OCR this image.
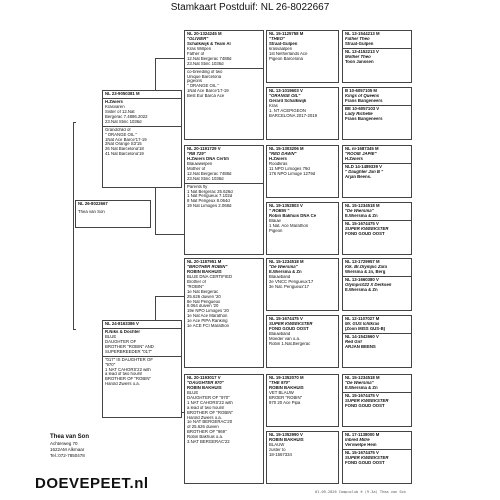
Stamkaart Postduif: NL 26-8022667
NL 26-8022667
Thea van Son
NL 23-9050381 M
H.Zwiers
Krasvaren
Sister of 12.Nat
Bergerac 7.4886.2022
23.Nat Stinc 1036d
Grandchild of
" ORANGE OIL "
1Nat Ace Barce'17-19
2Nat Orange S3'15
26 Nat Barcelona'18
41 Nat Barcelona'19
NL 24-8163386 V
R.Niks & Dochter
BLUE
DAUGHTER OF
BROTHER "ROBIN" AND
SUPERBREEDER "017"
"017" IS DAUGHTER OF
"970"
1 NAT CAHORS'22 with
a lead of two hours!
BROTHER OF "ROBIN"
Harold Zwiers o.a.
NL 20-1324245 M
"OLIVIER"
Schalkwijk & Team Al
Kras Willpen
Father of
12.Nat Bergerac 7488d
23.Nat Stinc 1036d
co-breeding of two
Unique Barcelona
pigeons
" ORANGE OIL "
1Nat Ace Barce'17-19
Best Eur Barca Ace
NL 20-1191729 V
"RB 729"
H.Zwiers DNA Certifi
Blauwwelpen
Mother of
12.Nat Bergerac 7488d
23.Nat Stinc 1036d
Parents fly
1 Nat Bergerac 25.626d
1 Nat Perigueux 7.102d
8 Nat Perigeux 8.064d
19 Nat Limoges 2.068d
NL 20-1187951 M
"BROTHER ROBIN"
ROBIN BAKHUIS
BLUE DNA CERTIFIED
Brother of
"ROBIN"
1e Nat Bergerac
25.626 duiven '20
8e Nat Perigueux
8.064 duiven '20
19e NPO Limoges '20
1e Nat Ace Marathon
1e Ace PIPA Ranking
1e ACE FCI Marathon
NL 20-1193017 V
"DAUGHTER 970"
ROBIN BAKHUIS
BLUE
DAUGHTER OF "970"
1 NAT CAHORS'22 with
a lead of two hours!
BROTHER OF "ROBIN"
Harold Zwiers o.a.
1e NAT BERGERAC'20
of 25.626 duiven
BROTHER OF "969"
Robin Bakhuis o.a.
3.NAT BERGERAC'22
NL 15-1125758 M
"THEO"
Straat-Gulpen
krasvaalpen
1st Netherlands Ace
Pigeon Barcelona
NL 13-1019603 V
"ORANGE OIL"
Gerard Schalkwijk
Kras
1. NT ACEPIGEON
BARCELONA 2017-2019
NL 15-1303206 M
"RED DAWN"
H.Zwiers
Roodkras
11 NPO Limoges 79d
176 NPO Limoge 1279d
NL 19-1352803 V
" ROBIN "
Robin Bakhuis DNA Ce
Blauw
1 Nat. Ace Marathon
Pigeon
NL 15-1234518 M
"De Wiersma"
E.Wiersma & Zn
Blauwband
2e VNCC Perigueux'17
3e Nat. Perigueux'17
NL 15-1674475 V
SUPER KWEEKSTER
FOND GOUD OOST
Blauwband
Moeder van o.a.
Robin 1.Nat.Bergerac
NL 19-1352070 M
"THE 970"
ROBIN BAKHUIS
VET BLAUW
BROER "ROBIN"
970 20 Ace Pipa
NL 19-1352990 V
ROBIN BAKHUIS
BLAUW
zuster to
18-1567334
NL 13-1544213 M
Father Theo
Straat-Gulpen
NL 13-4152213 V
Mother Theo
Toon Janssen
B 10-6057105 M
Kings of Queens
Frans Bangeneers
BE 10-6057103 V
Lady Richelle
Frans Bangeneers
NL nl-1687345 M
"ROOIE JAPIE"
H.Zwiers
NLD 14-1489339 V
" Daughter Jan B "
Arjan Beens.
NL 15-1234518 M
"De Wiersma"
E.Wiersma & Zn
NL 15-1674475 V
SUPER KWEEKSTER
FOND GOUD OOST
NL 13-1729957 M
Klk. Br.Olympic Zara
Wiersma & zn, Berg
NL 13-1660380 V
Olympic022 X Derksen
E.Wiersma & Zn
NL 12-1107027 M
Mr. GUS Ichtkras
(Zoon MISS GUS-B)
NL 14-1542660 V
Red Girl
ARJAN BEENS
NL 15-1234518 M
"De Wiersma"
E.Wiersma & Zn
NL 15-1674475 V
SUPER KWEEKSTER
FOND GOUD OOST
NL 17-1138000 M
Inbred Mitre
Vervwelpe Hein
NL 15-1674475 V
SUPER KWEEKSTER
FOND GOUD OOST
Thea van Son
Achterweg 70
1622AM Alkmaar
Tel.:072-7850478
DOEVEPEET.nl	01-09-2026 Compuclub ® (9.3a) Thea van Son
